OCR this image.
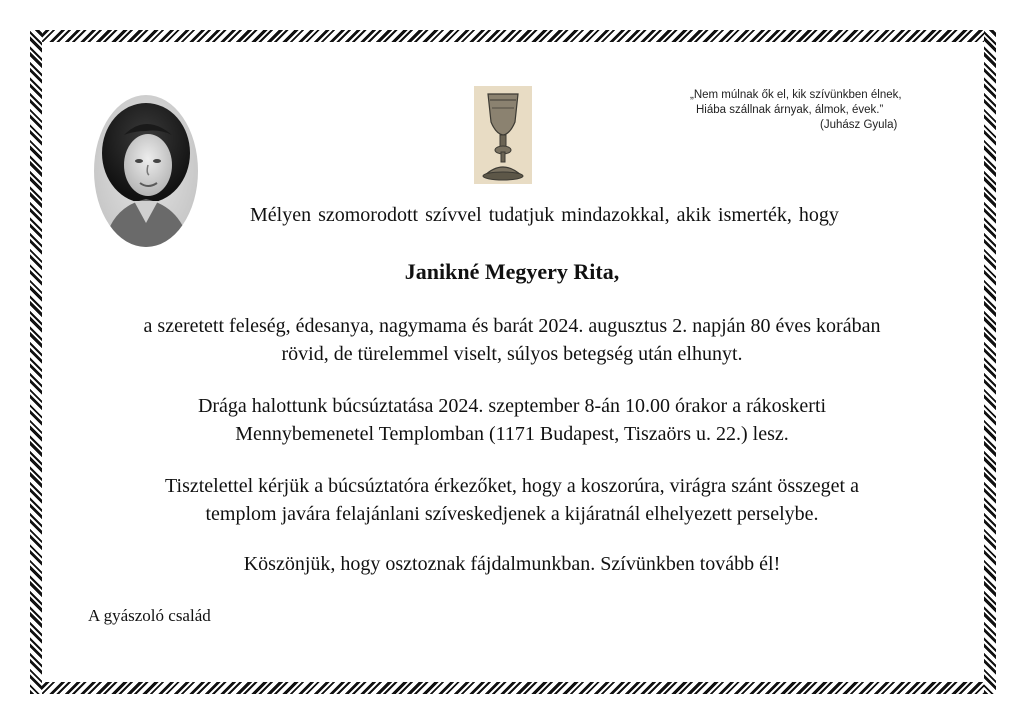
„Nem múlnak ők el, kik szívünkben élnek,
Hiába szállnak árnyak, álmok, évek.”
(Juhász Gyula)
Mélyen szomorodott szívvel tudatjuk mindazokkal, akik ismerték, hogy
Janikné Megyery Rita,
a szeretett feleség, édesanya, nagymama és barát 2024. augusztus 2. napján 80 éves korában
rövid, de türelemmel viselt, súlyos betegség után elhunyt.
Drága halottunk búcsúztatása 2024. szeptember 8-án 10.00 órakor a rákoskerti
Mennybemenetel Templomban (1171 Budapest, Tiszaörs u. 22.) lesz.
Tisztelettel kérjük a búcsúztatóra érkezőket, hogy a koszorúra, virágra szánt összeget a
templom javára felajánlani szíveskedjenek a kijáratnál elhelyezett perselybe.
Köszönjük, hogy osztoznak fájdalmunkban. Szívünkben tovább él!
A gyászoló család
